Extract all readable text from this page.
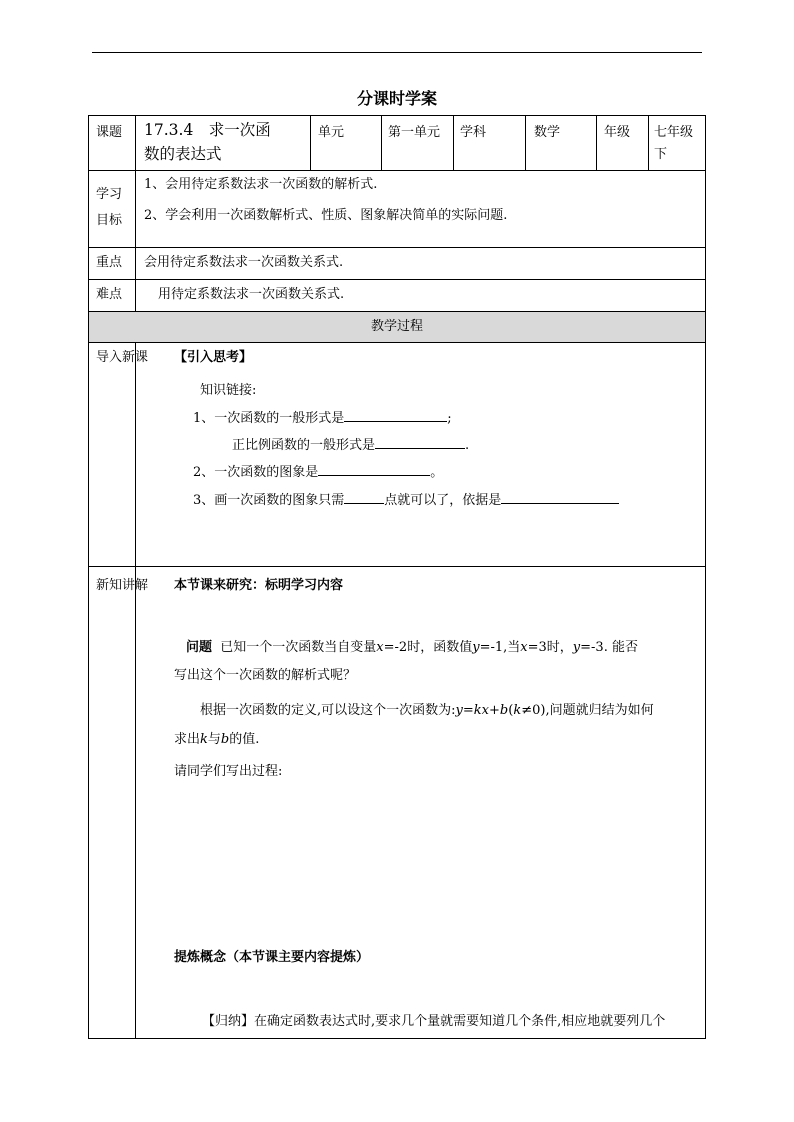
分课时学案
课题 17.3.4　求一次函
数的表达式
单元	第一单元 学科	数学	年级 七年级
下
学习
目标
1、会用待定系数法求一次函数的解析式.
2、学会利用一次函数解析式、性质、图象解决简单的实际问题.
重点 会用待定系数法求一次函数关系式.
难点	用待定系数法求一次函数关系式.
教学过程
导入新课 【引入思考】
知识链接:
1、一次函数的一般形式是	;
正比例函数的一般形式是	.
2、一次函数的图象是	。
3、画一次函数的图象只需	点就可以了，依据是
新知讲解 本节课来研究：标明学习内容
问题 已知一个一次函数当自变量x=-2时，函数值y=-1,当x=3时，y=-3. 能否
写出这个一次函数的解析式呢？
根据一次函数的定义,可以设这个一次函数为:y=kx+b(k≠0),问题就归结为如何
求出k与b的值.
请同学们写出过程:
提炼概念（本节课主要内容提炼）
【归纳】在确定函数表达式时,要求几个量就需要知道几个条件,相应地就要列几个
